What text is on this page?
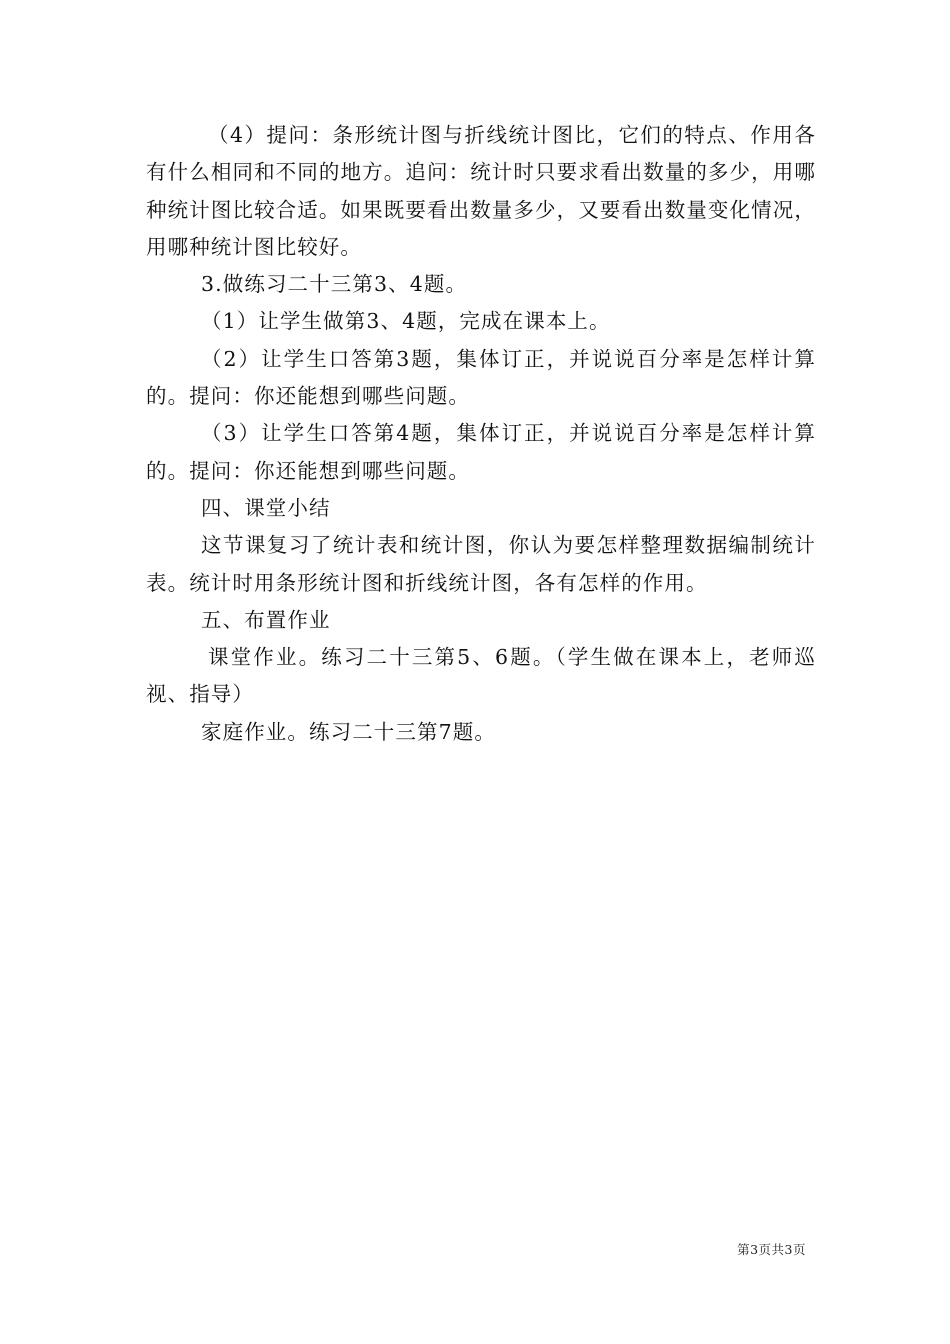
（4）提问：条形统计图与折线统计图比，它们的特点、作用各有什么相同和不同的地方。追问：统计时只要求看出数量的多少，用哪种统计图比较合适。如果既要看出数量多少，又要看出数量变化情况，用哪种统计图比较好。

3.做练习二十三第3、4题。

（1）让学生做第3、4题，完成在课本上。

（2）让学生口答第3题，集体订正，并说说百分率是怎样计算的。提问：你还能想到哪些问题。

（3）让学生口答第4题，集体订正，并说说百分率是怎样计算的。提问：你还能想到哪些问题。

四、课堂小结

这节课复习了统计表和统计图，你认为要怎样整理数据编制统计表。统计时用条形统计图和折线统计图，各有怎样的作用。

五、布置作业

课堂作业。练习二十三第5、6题。（学生做在课本上，老师巡视、指导）

家庭作业。练习二十三第7题。

第3页共3页
